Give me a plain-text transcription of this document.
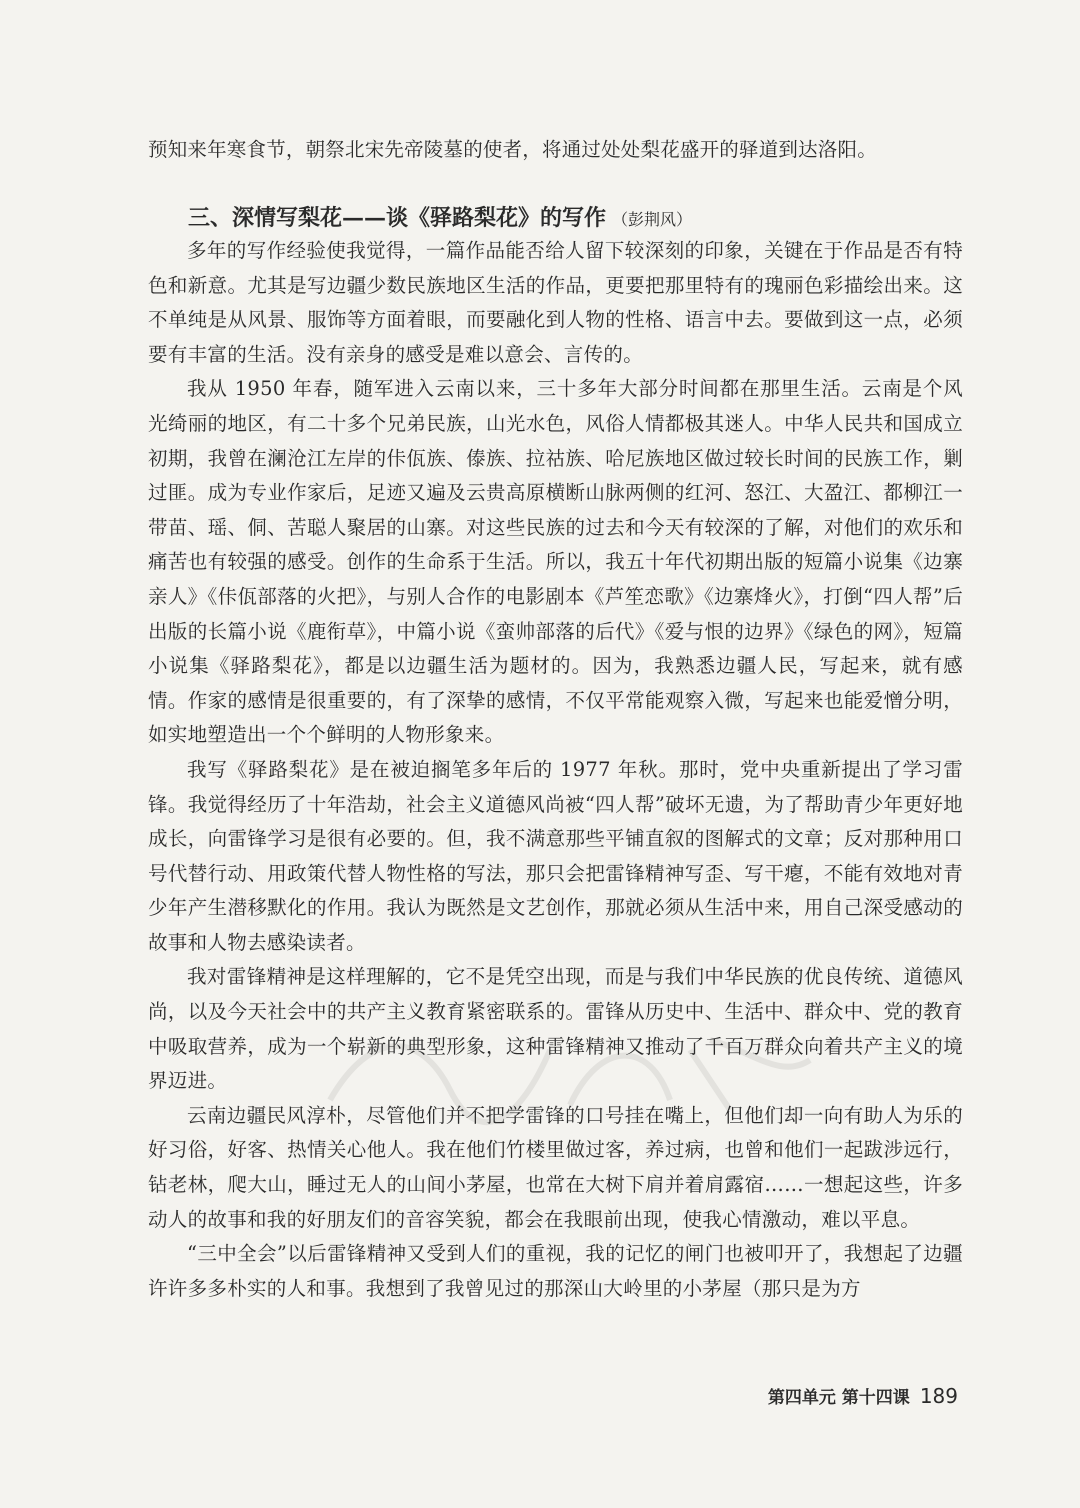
预知来年寒食节，朝祭北宋先帝陵墓的使者，将通过处处梨花盛开的驿道到达洛阳。
三、深情写梨花——谈《驿路梨花》的写作 （彭荆风）

多年的写作经验使我觉得，一篇作品能否给人留下较深刻的印象，关键在于作品是否有特色和新意。尤其是写边疆少数民族地区生活的作品，更要把那里特有的瑰丽色彩描绘出来。这不单纯是从风景、服饰等方面着眼，而要融化到人物的性格、语言中去。要做到这一点，必须要有丰富的生活。没有亲身的感受是难以意会、言传的。

我从 1950 年春，随军进入云南以来，三十多年大部分时间都在那里生活。云南是个风光绮丽的地区，有二十多个兄弟民族，山光水色，风俗人情都极其迷人。中华人民共和国成立初期，我曾在澜沧江左岸的佧佤族、傣族、拉祜族、哈尼族地区做过较长时间的民族工作，剿过匪。成为专业作家后，足迹又遍及云贵高原横断山脉两侧的红河、怒江、大盈江、都柳江一带苗、瑶、侗、苦聪人聚居的山寨。对这些民族的过去和今天有较深的了解，对他们的欢乐和痛苦也有较强的感受。创作的生命系于生活。所以，我五十年代初期出版的短篇小说集《边寨亲人》《佧佤部落的火把》，与别人合作的电影剧本《芦笙恋歌》《边寨烽火》，打倒“四人帮”后出版的长篇小说《鹿衔草》，中篇小说《蛮帅部落的后代》《爱与恨的边界》《绿色的网》，短篇小说集《驿路梨花》，都是以边疆生活为题材的。因为，我熟悉边疆人民，写起来，就有感情。作家的感情是很重要的，有了深挚的感情，不仅平常能观察入微，写起来也能爱憎分明，如实地塑造出一个个鲜明的人物形象来。

我写《驿路梨花》是在被迫搁笔多年后的 1977 年秋。那时，党中央重新提出了学习雷锋。我觉得经历了十年浩劫，社会主义道德风尚被“四人帮”破坏无遗，为了帮助青少年更好地成长，向雷锋学习是很有必要的。但，我不满意那些平铺直叙的图解式的文章；反对那种用口号代替行动、用政策代替人物性格的写法，那只会把雷锋精神写歪、写干瘪，不能有效地对青少年产生潜移默化的作用。我认为既然是文艺创作，那就必须从生活中来，用自己深受感动的故事和人物去感染读者。

我对雷锋精神是这样理解的，它不是凭空出现，而是与我们中华民族的优良传统、道德风尚，以及今天社会中的共产主义教育紧密联系的。雷锋从历史中、生活中、群众中、党的教育中吸取营养，成为一个崭新的典型形象，这种雷锋精神又推动了千百万群众向着共产主义的境界迈进。

云南边疆民风淳朴，尽管他们并不把学雷锋的口号挂在嘴上，但他们却一向有助人为乐的好习俗，好客、热情关心他人。我在他们竹楼里做过客，养过病，也曾和他们一起跋涉远行，钻老林，爬大山，睡过无人的山间小茅屋，也常在大树下肩并着肩露宿……一想起这些，许多动人的故事和我的好朋友们的音容笑貌，都会在我眼前出现，使我心情激动，难以平息。

“三中全会”以后雷锋精神又受到人们的重视，我的记忆的闸门也被叩开了，我想起了边疆许许多多朴实的人和事。我想到了我曾见过的那深山大岭里的小茅屋（那只是为方

第四单元 第十四课 189
